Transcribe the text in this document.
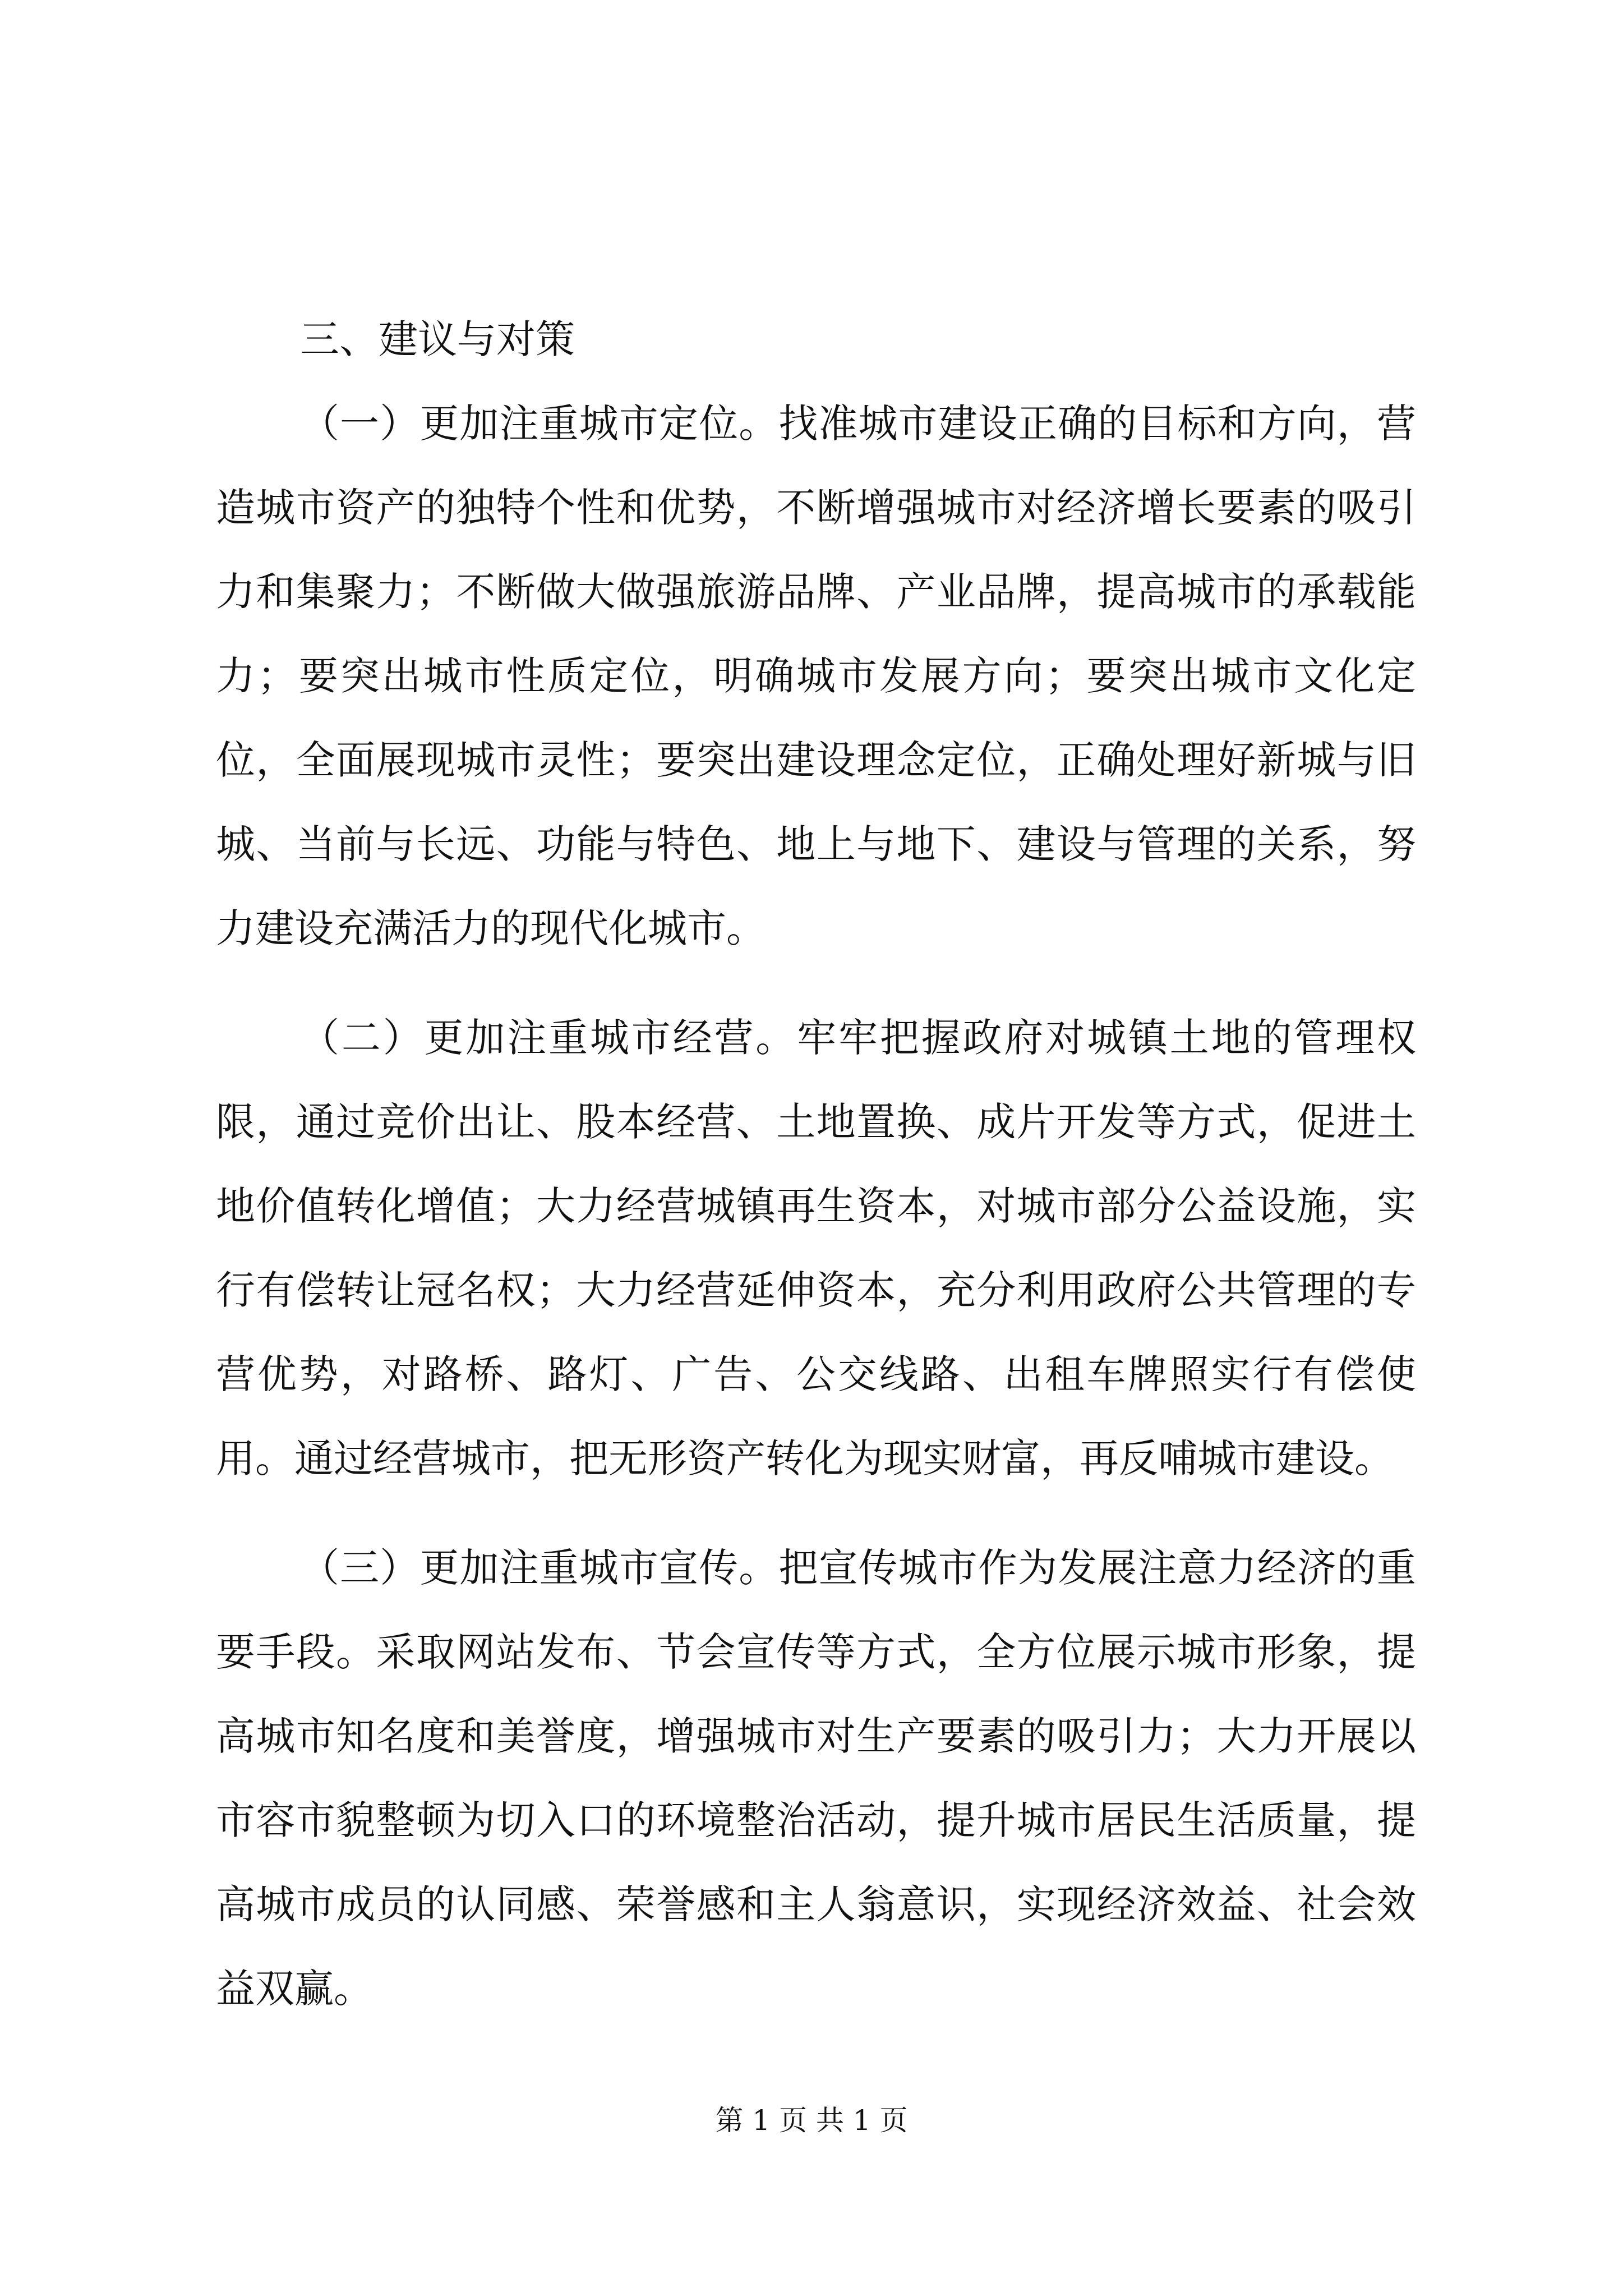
三、建议与对策

（一）更加注重城市定位。找准城市建设正确的目标和方向，营造城市资产的独特个性和优势，不断增强城市对经济增长要素的吸引力和集聚力；不断做大做强旅游品牌、产业品牌，提高城市的承载能力；要突出城市性质定位，明确城市发展方向；要突出城市文化定位，全面展现城市灵性；要突出建设理念定位，正确处理好新城与旧城、当前与长远、功能与特色、地上与地下、建设与管理的关系，努力建设充满活力的现代化城市。

（二）更加注重城市经营。牢牢把握政府对城镇土地的管理权限，通过竞价出让、股本经营、土地置换、成片开发等方式，促进土地价值转化增值；大力经营城镇再生资本，对城市部分公益设施，实行有偿转让冠名权；大力经营延伸资本，充分利用政府公共管理的专营优势，对路桥、路灯、广告、公交线路、出租车牌照实行有偿使用。通过经营城市，把无形资产转化为现实财富，再反哺城市建设。

（三）更加注重城市宣传。把宣传城市作为发展注意力经济的重要手段。采取网站发布、节会宣传等方式，全方位展示城市形象，提高城市知名度和美誉度，增强城市对生产要素的吸引力；大力开展以市容市貌整顿为切入口的环境整治活动，提升城市居民生活质量，提高城市成员的认同感、荣誉感和主人翁意识，实现经济效益、社会效益双赢。

第 1 页 共 1 页
